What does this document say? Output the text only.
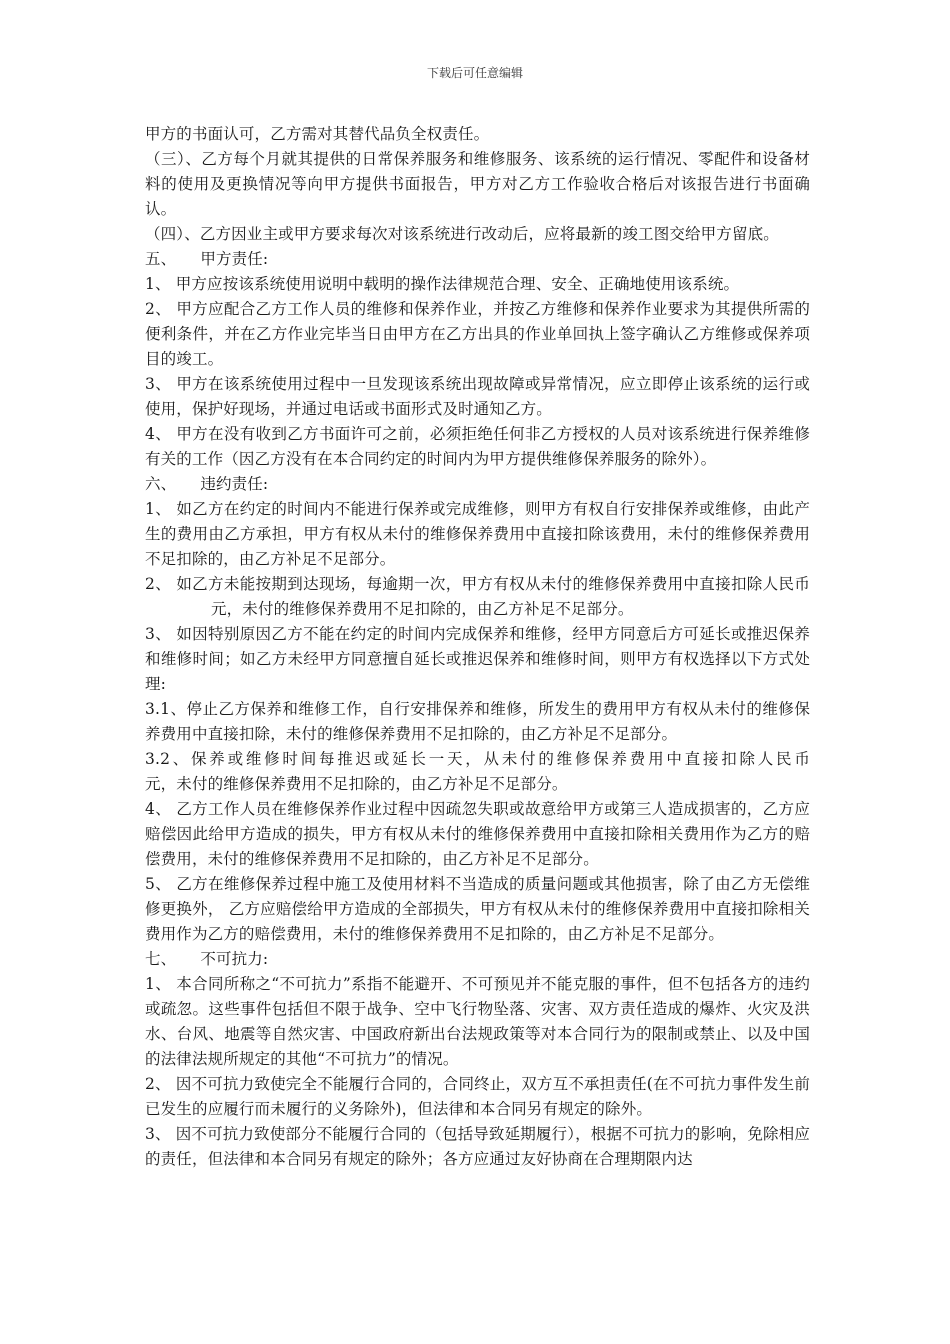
下载后可任意编辑
甲方的书面认可，乙方需对其替代品负全权责任。
（三）、乙方每个月就其提供的日常保养服务和维修服务、该系统的运行情况、零配件和设备材料的使用及更换情况等向甲方提供书面报告，甲方对乙方工作验收合格后对该报告进行书面确认。
（四）、乙方因业主或甲方要求每次对该系统进行改动后，应将最新的竣工图交给甲方留底。
五、 甲方责任:
1、 甲方应按该系统使用说明中载明的操作法律规范合理、安全、正确地使用该系统。
2、 甲方应配合乙方工作人员的维修和保养作业，并按乙方维修和保养作业要求为其提供所需的便利条件，并在乙方作业完毕当日由甲方在乙方出具的作业单回执上签字确认乙方维修或保养项目的竣工。
3、 甲方在该系统使用过程中一旦发现该系统出现故障或异常情况，应立即停止该系统的运行或使用，保护好现场，并通过电话或书面形式及时通知乙方。
4、 甲方在没有收到乙方书面许可之前，必须拒绝任何非乙方授权的人员对该系统进行保养维修有关的工作（因乙方没有在本合同约定的时间内为甲方提供维修保养服务的除外）。
六、 违约责任:
1、 如乙方在约定的时间内不能进行保养或完成维修，则甲方有权自行安排保养或维修，由此产生的费用由乙方承担，甲方有权从未付的维修保养费用中直接扣除该费用，未付的维修保养费用不足扣除的，由乙方补足不足部分。
2、 如乙方未能按期到达现场，每逾期一次，甲方有权从未付的维修保养费用中直接扣除人民币元，未付的维修保养费用不足扣除的，由乙方补足不足部分。
3、 如因特别原因乙方不能在约定的时间内完成保养和维修，经甲方同意后方可延长或推迟保养和维修时间；如乙方未经甲方同意擅自延长或推迟保养和维修时间，则甲方有权选择以下方式处理:
3.1、停止乙方保养和维修工作，自行安排保养和维修，所发生的费用甲方有权从未付的维修保养费用中直接扣除，未付的维修保养费用不足扣除的，由乙方补足不足部分。
3.2、保养或维修时间每推迟或延长一天，从未付的维修保养费用中直接扣除人民币　　　　元，未付的维修保养费用不足扣除的，由乙方补足不足部分。
4、 乙方工作人员在维修保养作业过程中因疏忽失职或故意给甲方或第三人造成损害的，乙方应赔偿因此给甲方造成的损失，甲方有权从未付的维修保养费用中直接扣除相关费用作为乙方的赔偿费用，未付的维修保养费用不足扣除的，由乙方补足不足部分。
5、 乙方在维修保养过程中施工及使用材料不当造成的质量问题或其他损害，除了由乙方无偿维修更换外， 乙方应赔偿给甲方造成的全部损失，甲方有权从未付的维修保养费用中直接扣除相关费用作为乙方的赔偿费用，未付的维修保养费用不足扣除的，由乙方补足不足部分。
七、 不可抗力:
1、 本合同所称之“不可抗力”系指不能避开、不可预见并不能克服的事件，但不包括各方的违约或疏忽。这些事件包括但不限于战争、空中飞行物坠落、灾害、双方责任造成的爆炸、火灾及洪水、台风、地震等自然灾害、中国政府新出台法规政策等对本合同行为的限制或禁止、以及中国的法律法规所规定的其他“不可抗力”的情况。
2、 因不可抗力致使完全不能履行合同的，合同终止，双方互不承担责任(在不可抗力事件发生前已发生的应履行而未履行的义务除外)，但法律和本合同另有规定的除外。
3、 因不可抗力致使部分不能履行合同的（包括导致延期履行），根据不可抗力的影响，免除相应的责任，但法律和本合同另有规定的除外；各方应通过友好协商在合理期限内达
